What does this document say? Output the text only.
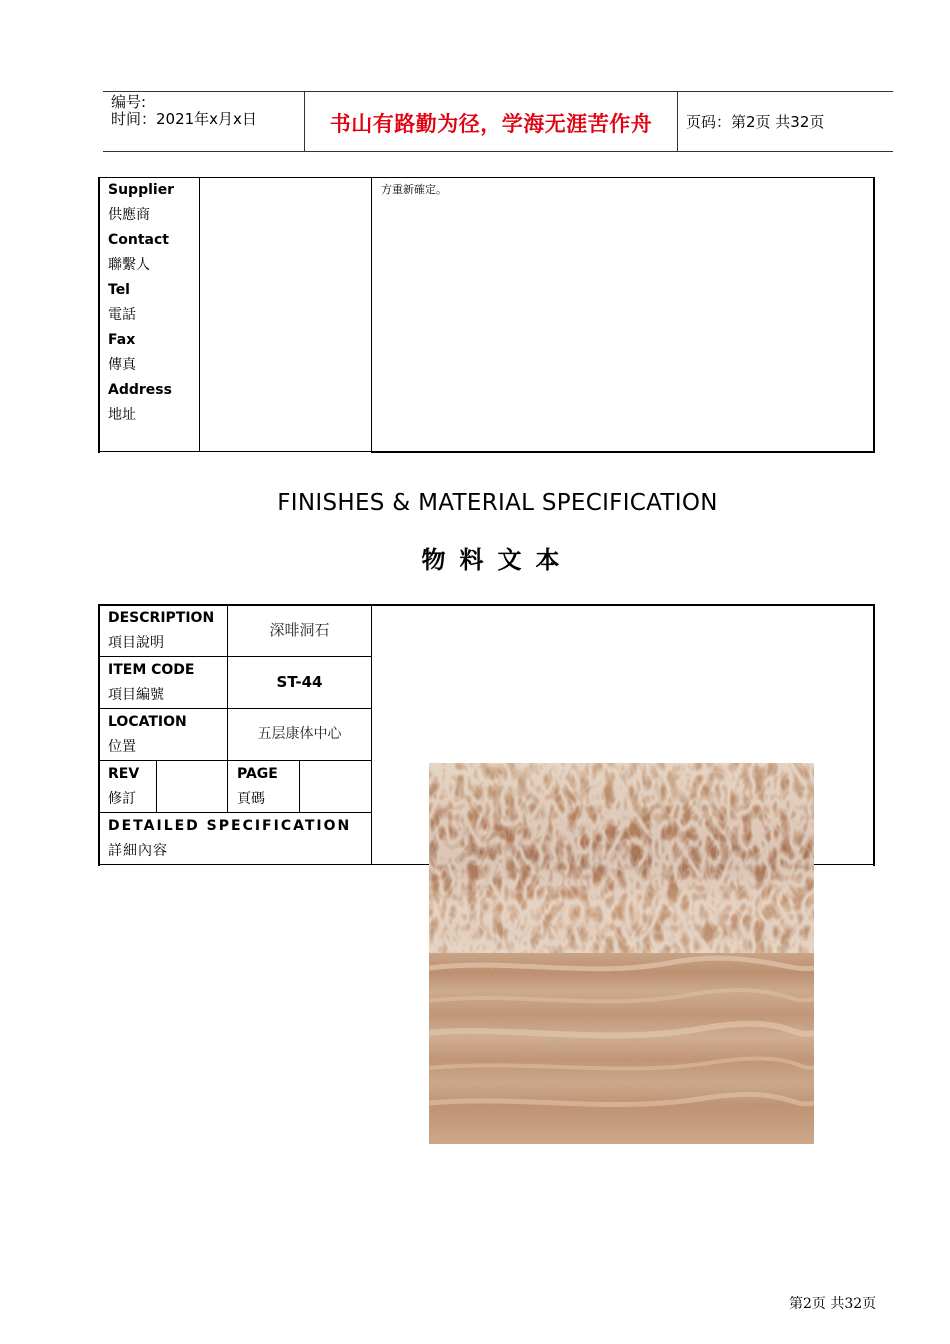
编号:
时间：2021年x月x日	书山有路勤为径，学海无涯苦作舟	页码：第2页 共32页
Supplier
供應商
Contact
聯繫人
Tel
電話
Fax
傳真
Address
地址
方重新確定。
FINISHES & MATERIAL SPECIFICATION
物料文本
DESCRIPTION
項目說明
深啡洞石
ITEM CODE
項目編號
ST-44
LOCATION
位置
五层康体中心
REV
修訂
PAGE
頁碼
DETAILED SPECIFICATION
詳細內容
第2页 共32页
